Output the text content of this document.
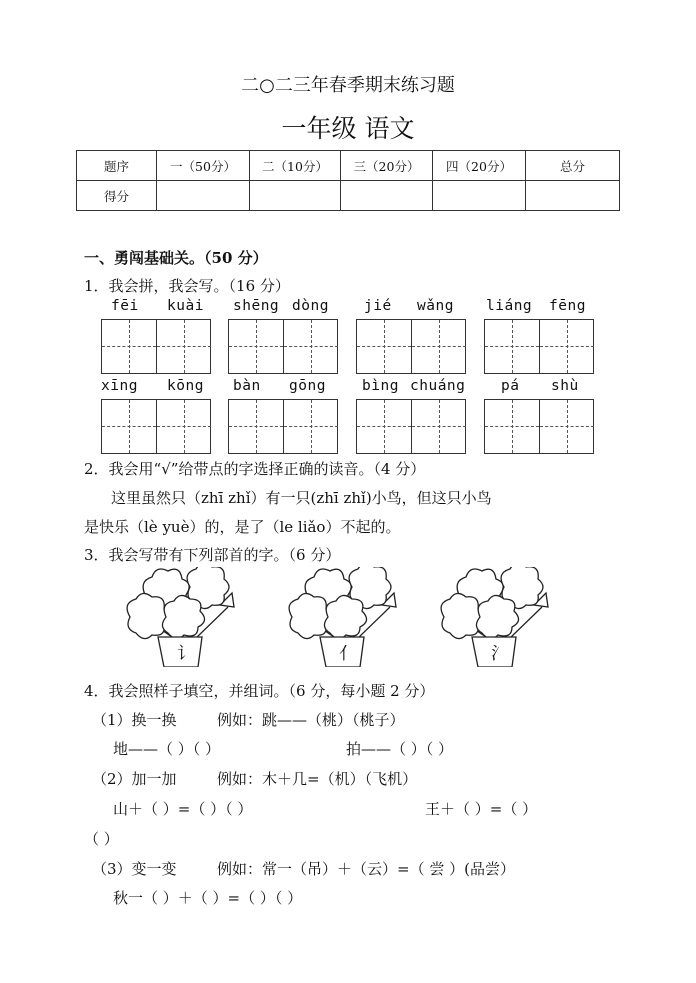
二○二三年春季期末练习题
一年级 语文
题序	一（50分）	二（10分）	三（20分）	四（20分）	总分
得分					
一、勇闯基础关。（50 分）
1．我会拼，我会写。（16 分）
fēi kuài shēng dòng jié wǎng liáng fēng
xīng kōng bàn gōng bìng chuáng pá shù
2．我会用“√”给带点的字选择正确的读音。（4 分）
这里虽然只（zhī zhǐ）有一只(zhī zhǐ)小鸟，但这只小鸟
是快乐（lè yuè）的，是了（le liǎo）不起的。
3．我会写带有下列部首的字。（6 分）
讠	亻	氵
4．我会照样子填空，并组词。（6 分，每小题 2 分）
（1）换一换	例如：跳——（桃）（桃子）
地——（ ）（ ）	拍——（ ）（ ）
（2）加一加	例如：木＋几=（机）（飞机）
山＋（ ）=（ ）（ ）	王＋（ ）=（ ）
（ ）
（3）变一变	例如：常一（吊）＋（云）=（ 尝 ）(品尝）
秋一（ ）＋（ ）=（ ）（ ）
